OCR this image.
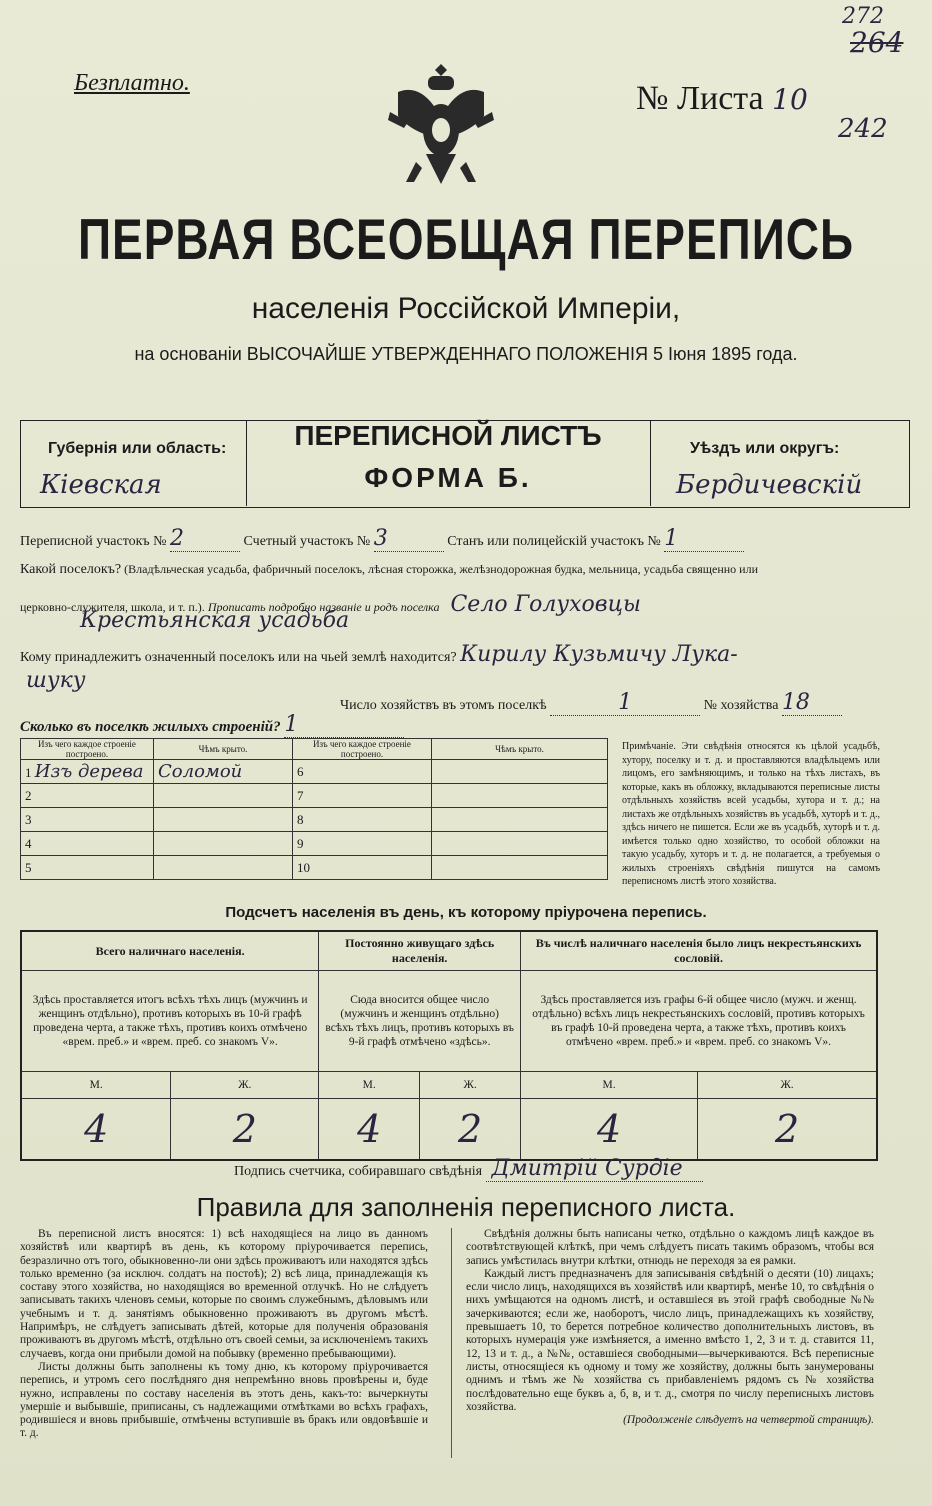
Безплатно.
272
264
№ Листа 10
242
ПЕРВАЯ ВСЕОБЩАЯ ПЕРЕПИСЬ
населенія Россійской Имперіи,
на основаніи ВЫСОЧАЙШЕ УТВЕРЖДЕННАГО ПОЛОЖЕНІЯ 5 Іюня 1895 года.
Губернія или область:
Кіевская
ПЕРЕПИСНОЙ ЛИСТЪ
ФОРМА Б.
Уѣздъ или округъ:
Бердичевскій
Переписной участокъ № 2	Счетный участокъ № 3	Станъ или полицейскій участокъ № 1
Какой поселокъ? (Владѣльческая усадьба, фабричный поселокъ, лѣсная сторожка, желѣзнодорожная будка, мельница, усадьба священно или
церковно-служителя, школа, и т. п.). Прописать подробно названіе и родъ поселка Село Голуховцы
Крестьянская усадьба
Кому принадлежитъ означенный поселокъ или на чьей землѣ находится? Кирилу Кузьмичу Лука-
шуку
Число хозяйствъ въ этомъ поселкѣ	1	№ хозяйства 18
Сколько въ поселкѣ жилыхъ строеній? 1
Изъ чего каждое строеніе построено.	Чѣмъ крыто.	Изъ чего каждое строеніе построено.	Чѣмъ крыто.
1 Изъ дерева	Соломой	6	
2		7	
3		8	
4		9	
5		10	
Примѣчаніе. Эти свѣдѣнія относятся къ цѣлой усадьбѣ, хутору, поселку и т. д. и проставляются владѣльцемъ или лицомъ, его замѣняющимъ, и только на тѣхъ листахъ, въ которые, какъ въ обложку, вкладываются переписные листы отдѣльныхъ хозяйствъ всей усадьбы, хутора и т. д.; на листахъ же отдѣльныхъ хозяйствъ въ усадьбѣ, хуторѣ и т. д., здѣсь ничего не пишется. Если же въ усадьбѣ, хуторѣ и т. д. имѣется только одно хозяйство, то особой обложки на такую усадьбу, хуторъ и т. д. не полагается, а требуемыя о жилыхъ строеніяхъ свѣдѣнія пишутся на самомъ переписномъ листѣ этого хозяйства.
Подсчетъ населенія въ день, къ которому пріурочена перепись.
Всего наличнаго населенія.		Постоянно живущаго здѣсь населенія.		Въ числѣ наличнаго населенія было лицъ некрестьянскихъ сословій.	
Здѣсь проставляется итогъ всѣхъ тѣхъ лицъ (мужчинъ и женщинъ отдѣльно), противъ которыхъ въ 10-й графѣ проведена черта, а также тѣхъ, противъ коихъ отмѣчено «врем. преб.» и «врем. преб. со знакомъ V».		Сюда вносится общее число (мужчинъ и женщинъ отдѣльно) всѣхъ тѣхъ лицъ, противъ которыхъ въ 9-й графѣ отмѣчено «здѣсь».		Здѣсь проставляется изъ графы 6-й общее число (мужч. и женщ. отдѣльно) всѣхъ лицъ некрестьянскихъ сословій, противъ которыхъ въ графѣ 10-й проведена черта, а также тѣхъ, противъ коихъ отмѣчено «врем. преб.» и «врем. преб. со знакомъ V».	
М.	Ж.	М.	Ж.	М.	Ж.
4	2	4	2	4	2
Подпись счетчика, собиравшаго свѣдѣнія Дмитрій Сурдіе
Правила для заполненія переписного листа.

Въ переписной листъ вносятся: 1) всѣ находящіеся на лицо въ данномъ хозяйствѣ или квартирѣ въ день, къ которому пріурочивается перепись, безразлично отъ того, обыкновенно-ли они здѣсь проживаютъ или находятся здѣсь только временно (за исключ. солдатъ на постоѣ); 2) всѣ лица, принадлежащія къ составу этого хозяйства, но находящіяся во временной отлучкѣ. Но не слѣдуетъ записывать такихъ членовъ семьи, которые по своимъ служебнымъ, дѣловымъ или учебнымъ и т. д. занятіямъ обыкновенно проживаютъ въ другомъ мѣстѣ. Напримѣръ, не слѣдуетъ записывать дѣтей, которые для полученія образованія проживаютъ въ другомъ мѣстѣ, отдѣльно отъ своей семьи, за исключеніемъ такихъ случаевъ, когда они прибыли домой на побывку (временно пребывающими).

Листы должны быть заполнены къ тому дню, къ которому пріурочивается перепись, и утромъ сего послѣдняго дня непремѣнно вновь провѣрены и, буде нужно, исправлены по составу населенія въ этотъ день, какъ-то: вычеркнуты умершіе и выбывшіе, приписаны, съ надлежащими отмѣтками во всѣхъ графахъ, родившіеся и вновь прибывшіе, отмѣчены вступившіе въ бракъ или овдовѣвшіе и т. д.

Свѣдѣнія должны быть написаны четко, отдѣльно о каждомъ лицѣ каждое въ соотвѣтствующей клѣткѣ, при чемъ слѣдуетъ писать такимъ образомъ, чтобы вся запись умѣстилась внутри клѣтки, отнюдь не переходя за ея рамки.

Каждый листъ предназначенъ для записыванія свѣдѣній о десяти (10) лицахъ; если число лицъ, находящихся въ хозяйствѣ или квартирѣ, менѣе 10, то свѣдѣнія о нихъ умѣщаются на одномъ листѣ, и оставшіеся въ этой графѣ свободные №№ зачеркиваются; если же, наоборотъ, число лицъ, принадлежащихъ къ хозяйству, превышаетъ 10, то берется потребное количество дополнительныхъ листовъ, въ которыхъ нумерація уже измѣняется, а именно вмѣсто 1, 2, 3 и т. д. ставится 11, 12, 13 и т. д., а №№, оставшіеся свободными—вычеркиваются. Всѣ переписные листы, относящіеся къ одному и тому же хозяйству, должны быть занумерованы однимъ и тѣмъ же № хозяйства съ прибавленіемъ рядомъ съ № хозяйства послѣдовательно еще буквъ а, б, в, и т. д., смотря по числу переписныхъ листовъ хозяйства.

(Продолженіе слѣдуетъ на четвертой страницѣ).
